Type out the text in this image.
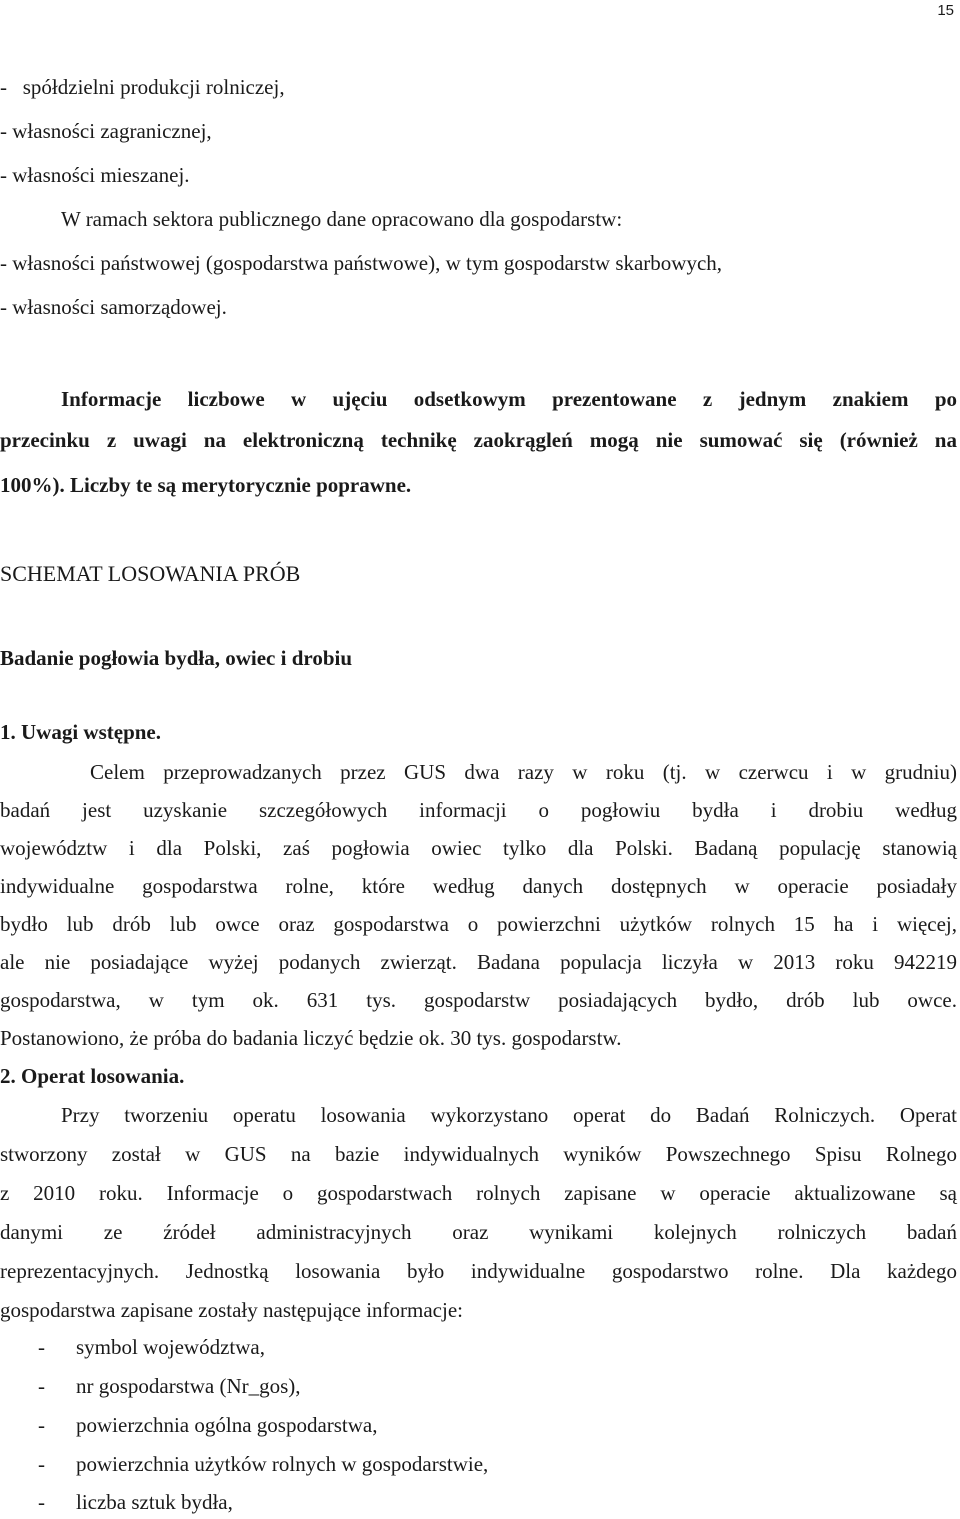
15
-   spółdzielni produkcji rolniczej,
- własności zagranicznej,
- własności mieszanej.
W ramach sektora publicznego dane opracowano dla gospodarstw:
- własności państwowej (gospodarstwa państwowe), w tym gospodarstw skarbowych,
- własności samorządowej.
Informacje liczbowe w ujęciu odsetkowym prezentowane z jednym znakiem po
przecinku z uwagi na elektroniczną technikę zaokrągleń mogą nie sumować się (również na
100%). Liczby te są merytorycznie poprawne.
SCHEMAT LOSOWANIA PRÓB
Badanie pogłowia bydła, owiec i drobiu
1. Uwagi wstępne.
Celem przeprowadzanych przez GUS dwa razy w roku (tj. w czerwcu i w grudniu)
badań jest uzyskanie szczegółowych informacji o pogłowiu bydła i drobiu według
województw i dla Polski, zaś pogłowia owiec tylko dla Polski. Badaną populację stanowią
indywidualne gospodarstwa rolne, które według danych dostępnych w operacie posiadały
bydło lub drób lub owce oraz gospodarstwa o powierzchni użytków rolnych 15 ha i więcej,
ale nie posiadające wyżej podanych zwierząt. Badana populacja liczyła w 2013 roku 942219
gospodarstwa, w tym ok. 631 tys. gospodarstw posiadających bydło, drób lub owce.
Postanowiono, że próba do badania liczyć będzie ok. 30 tys. gospodarstw.
2. Operat losowania.
Przy tworzeniu operatu losowania wykorzystano operat do Badań Rolniczych. Operat
stworzony został w GUS na bazie indywidualnych wyników Powszechnego Spisu Rolnego
z 2010 roku. Informacje o gospodarstwach rolnych zapisane w operacie aktualizowane są
danymi ze źródeł administracyjnych oraz wynikami kolejnych rolniczych badań
reprezentacyjnych. Jednostką losowania było indywidualne gospodarstwo rolne. Dla każdego
gospodarstwa zapisane zostały następujące informacje:
- symbol województwa,
- nr gospodarstwa (Nr_gos),
- powierzchnia ogólna gospodarstwa,
- powierzchnia użytków rolnych w gospodarstwie,
- liczba sztuk bydła,
